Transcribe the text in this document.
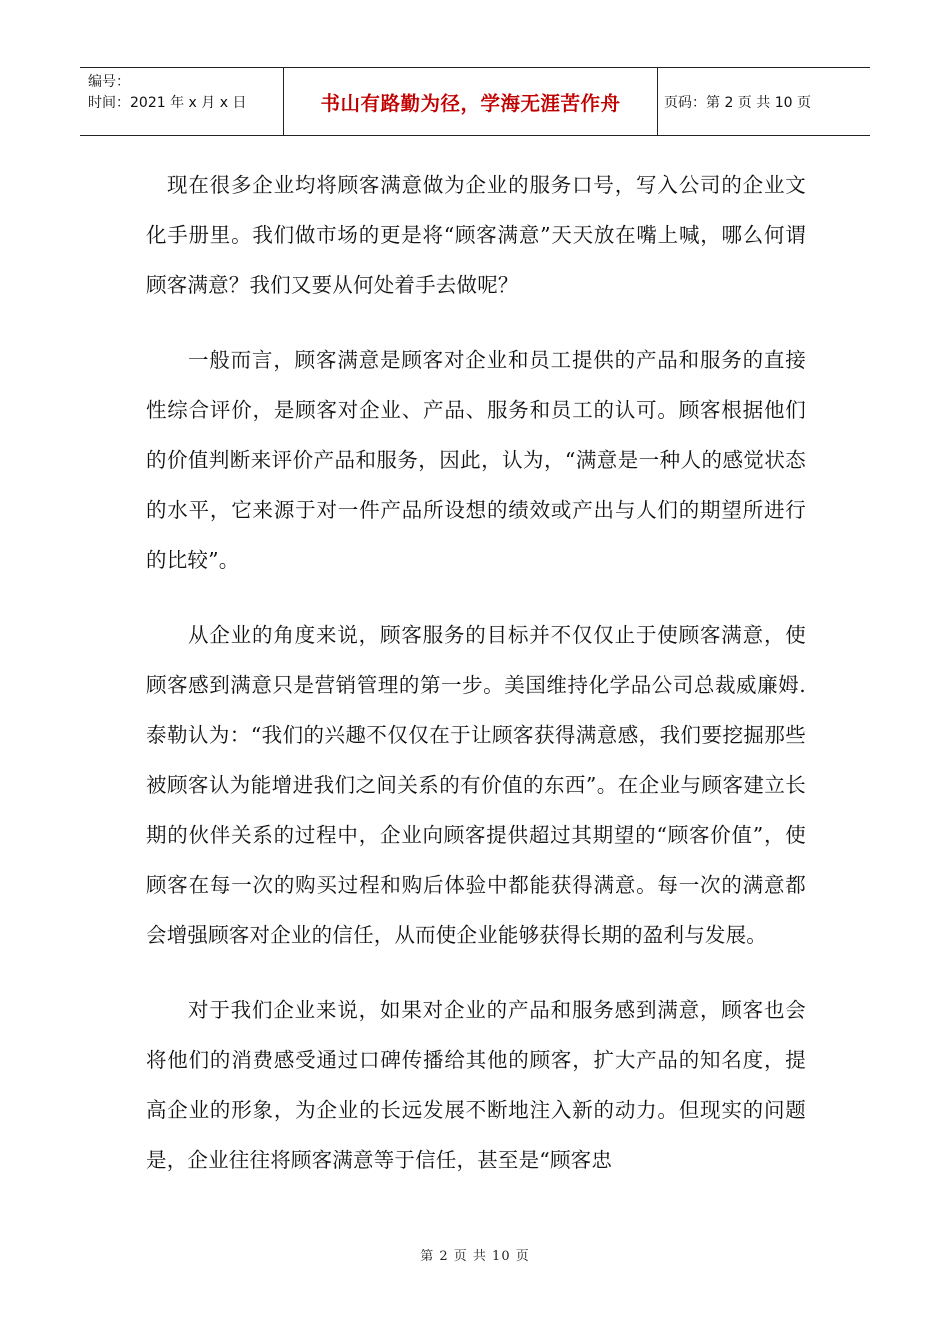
编号：
时间：2021 年 x 月 x 日	书山有路勤为径，学海无涯苦作舟	页码：第 2 页 共 10 页

现在很多企业均将顾客满意做为企业的服务口号，写入公司的企业文化手册里。我们做市场的更是将“顾客满意”天天放在嘴上喊，哪么何谓顾客满意？我们又要从何处着手去做呢？

一般而言，顾客满意是顾客对企业和员工提供的产品和服务的直接性综合评价，是顾客对企业、产品、服务和员工的认可。顾客根据他们的价值判断来评价产品和服务，因此，认为，“满意是一种人的感觉状态的水平，它来源于对一件产品所设想的绩效或产出与人们的期望所进行的比较”。

从企业的角度来说，顾客服务的目标并不仅仅止于使顾客满意，使顾客感到满意只是营销管理的第一步。美国维持化学品公司总裁威廉姆.泰勒认为：“我们的兴趣不仅仅在于让顾客获得满意感，我们要挖掘那些被顾客认为能增进我们之间关系的有价值的东西”。在企业与顾客建立长期的伙伴关系的过程中，企业向顾客提供超过其期望的“顾客价值”，使顾客在每一次的购买过程和购后体验中都能获得满意。每一次的满意都会增强顾客对企业的信任，从而使企业能够获得长期的盈利与发展。

对于我们企业来说，如果对企业的产品和服务感到满意，顾客也会将他们的消费感受通过口碑传播给其他的顾客，扩大产品的知名度，提高企业的形象，为企业的长远发展不断地注入新的动力。但现实的问题是，企业往往将顾客满意等于信任，甚至是“顾客忠

第 2 页 共 10 页
